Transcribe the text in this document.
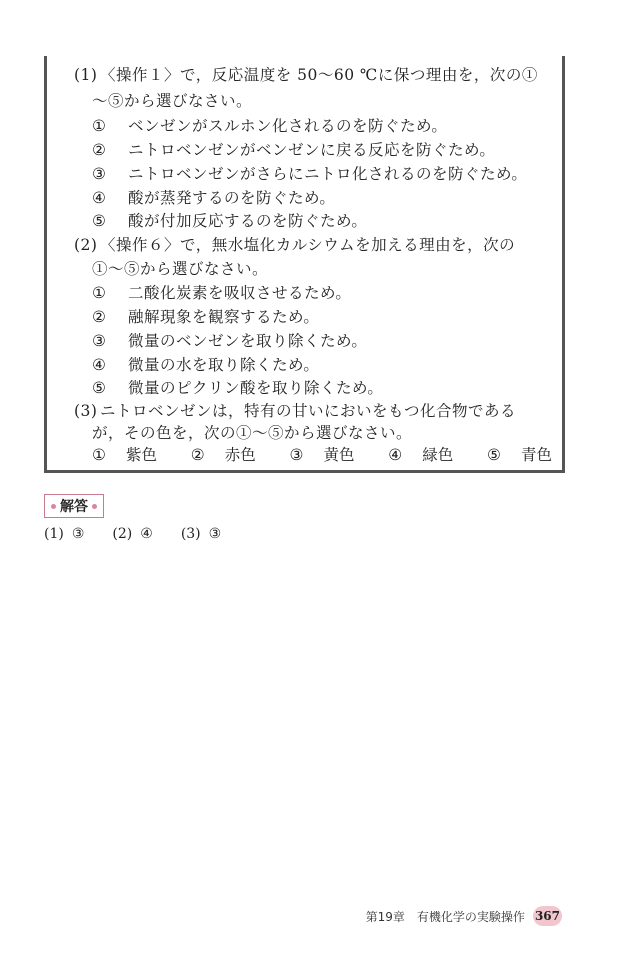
(1) 〈操作１〉で，反応温度を 50〜60 ℃に保つ理由を，次の①
〜⑤から選びなさい。
① ベンゼンがスルホン化されるのを防ぐため。
② ニトロベンゼンがベンゼンに戻る反応を防ぐため。
③ ニトロベンゼンがさらにニトロ化されるのを防ぐため。
④ 酸が蒸発するのを防ぐため。
⑤ 酸が付加反応するのを防ぐため。
(2) 〈操作６〉で，無水塩化カルシウムを加える理由を，次の
①〜⑤から選びなさい。
① 二酸化炭素を吸収させるため。
② 融解現象を観察するため。
③ 微量のベンゼンを取り除くため。
④ 微量の水を取り除くため。
⑤ 微量のピクリン酸を取り除くため。
(3) ニトロベンゼンは，特有の甘いにおいをもつ化合物である
が，その色を，次の①〜⑤から選びなさい。
① 紫色 ② 赤色 ③ 黄色 ④ 緑色 ⑤ 青色
解答
(1) ③ (2) ④ (3) ③
第19章　有機化学の実験操作 367
